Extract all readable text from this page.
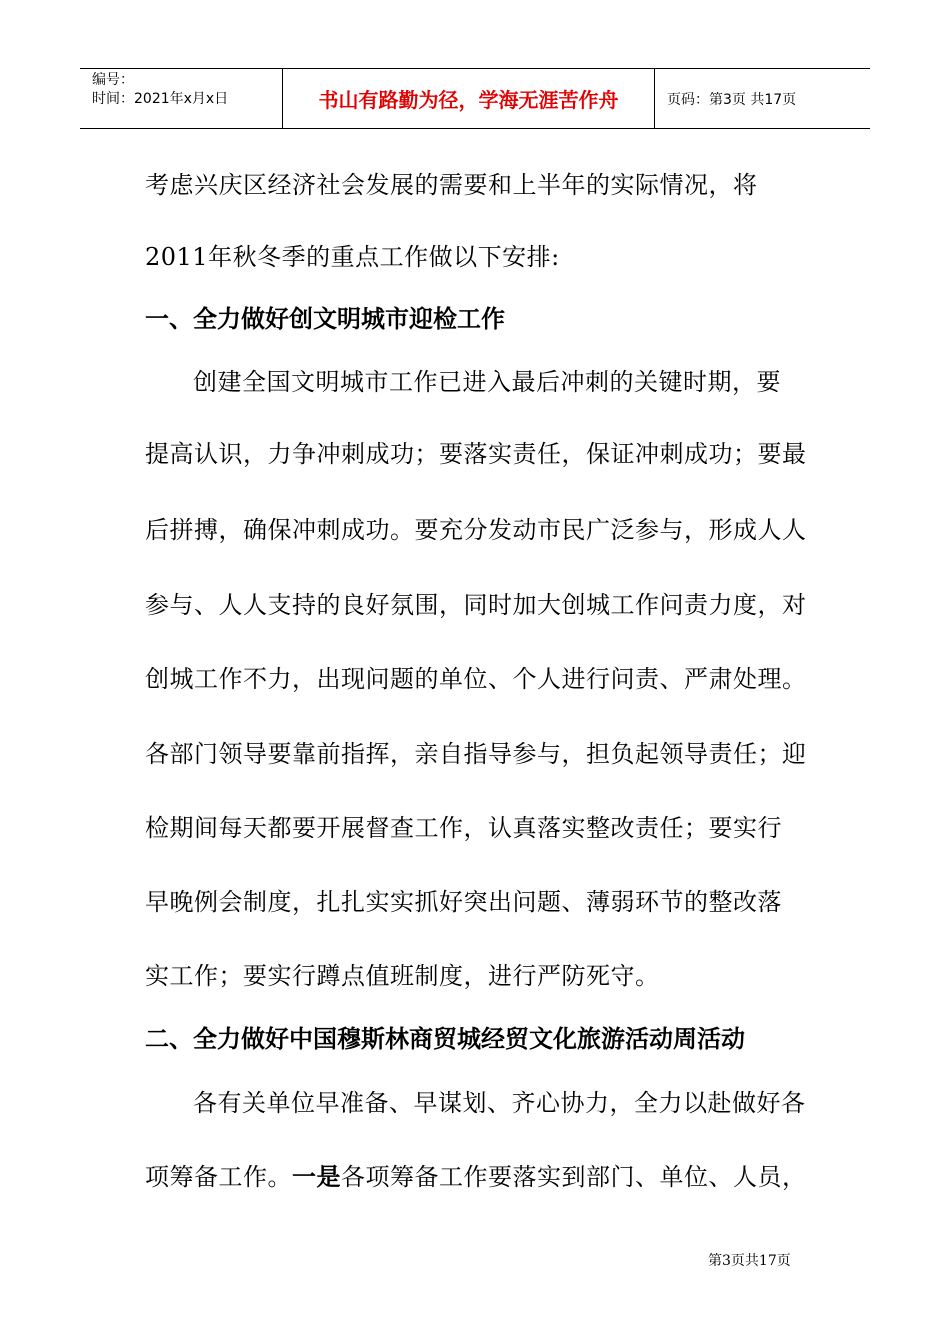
编号：
时间：2021年x月x日	书山有路勤为径，学海无涯苦作舟	页码：第3页 共17页
考虑兴庆区经济社会发展的需要和上半年的实际情况，将
2011年秋冬季的重点工作做以下安排:
一、全力做好创文明城市迎检工作
创建全国文明城市工作已进入最后冲刺的关键时期，要
提高认识，力争冲刺成功；要落实责任，保证冲刺成功；要最
后拼搏，确保冲刺成功。要充分发动市民广泛参与，形成人人
参与、人人支持的良好氛围，同时加大创城工作问责力度，对
创城工作不力，出现问题的单位、个人进行问责、严肃处理。
各部门领导要靠前指挥，亲自指导参与，担负起领导责任；迎
检期间每天都要开展督查工作，认真落实整改责任；要实行
早晚例会制度，扎扎实实抓好突出问题、薄弱环节的整改落
实工作；要实行蹲点值班制度，进行严防死守。
二、全力做好中国穆斯林商贸城经贸文化旅游活动周活动
各有关单位早准备、早谋划、齐心协力，全力以赴做好各
项筹备工作。一是各项筹备工作要落实到部门、单位、人员，
第3页共17页
